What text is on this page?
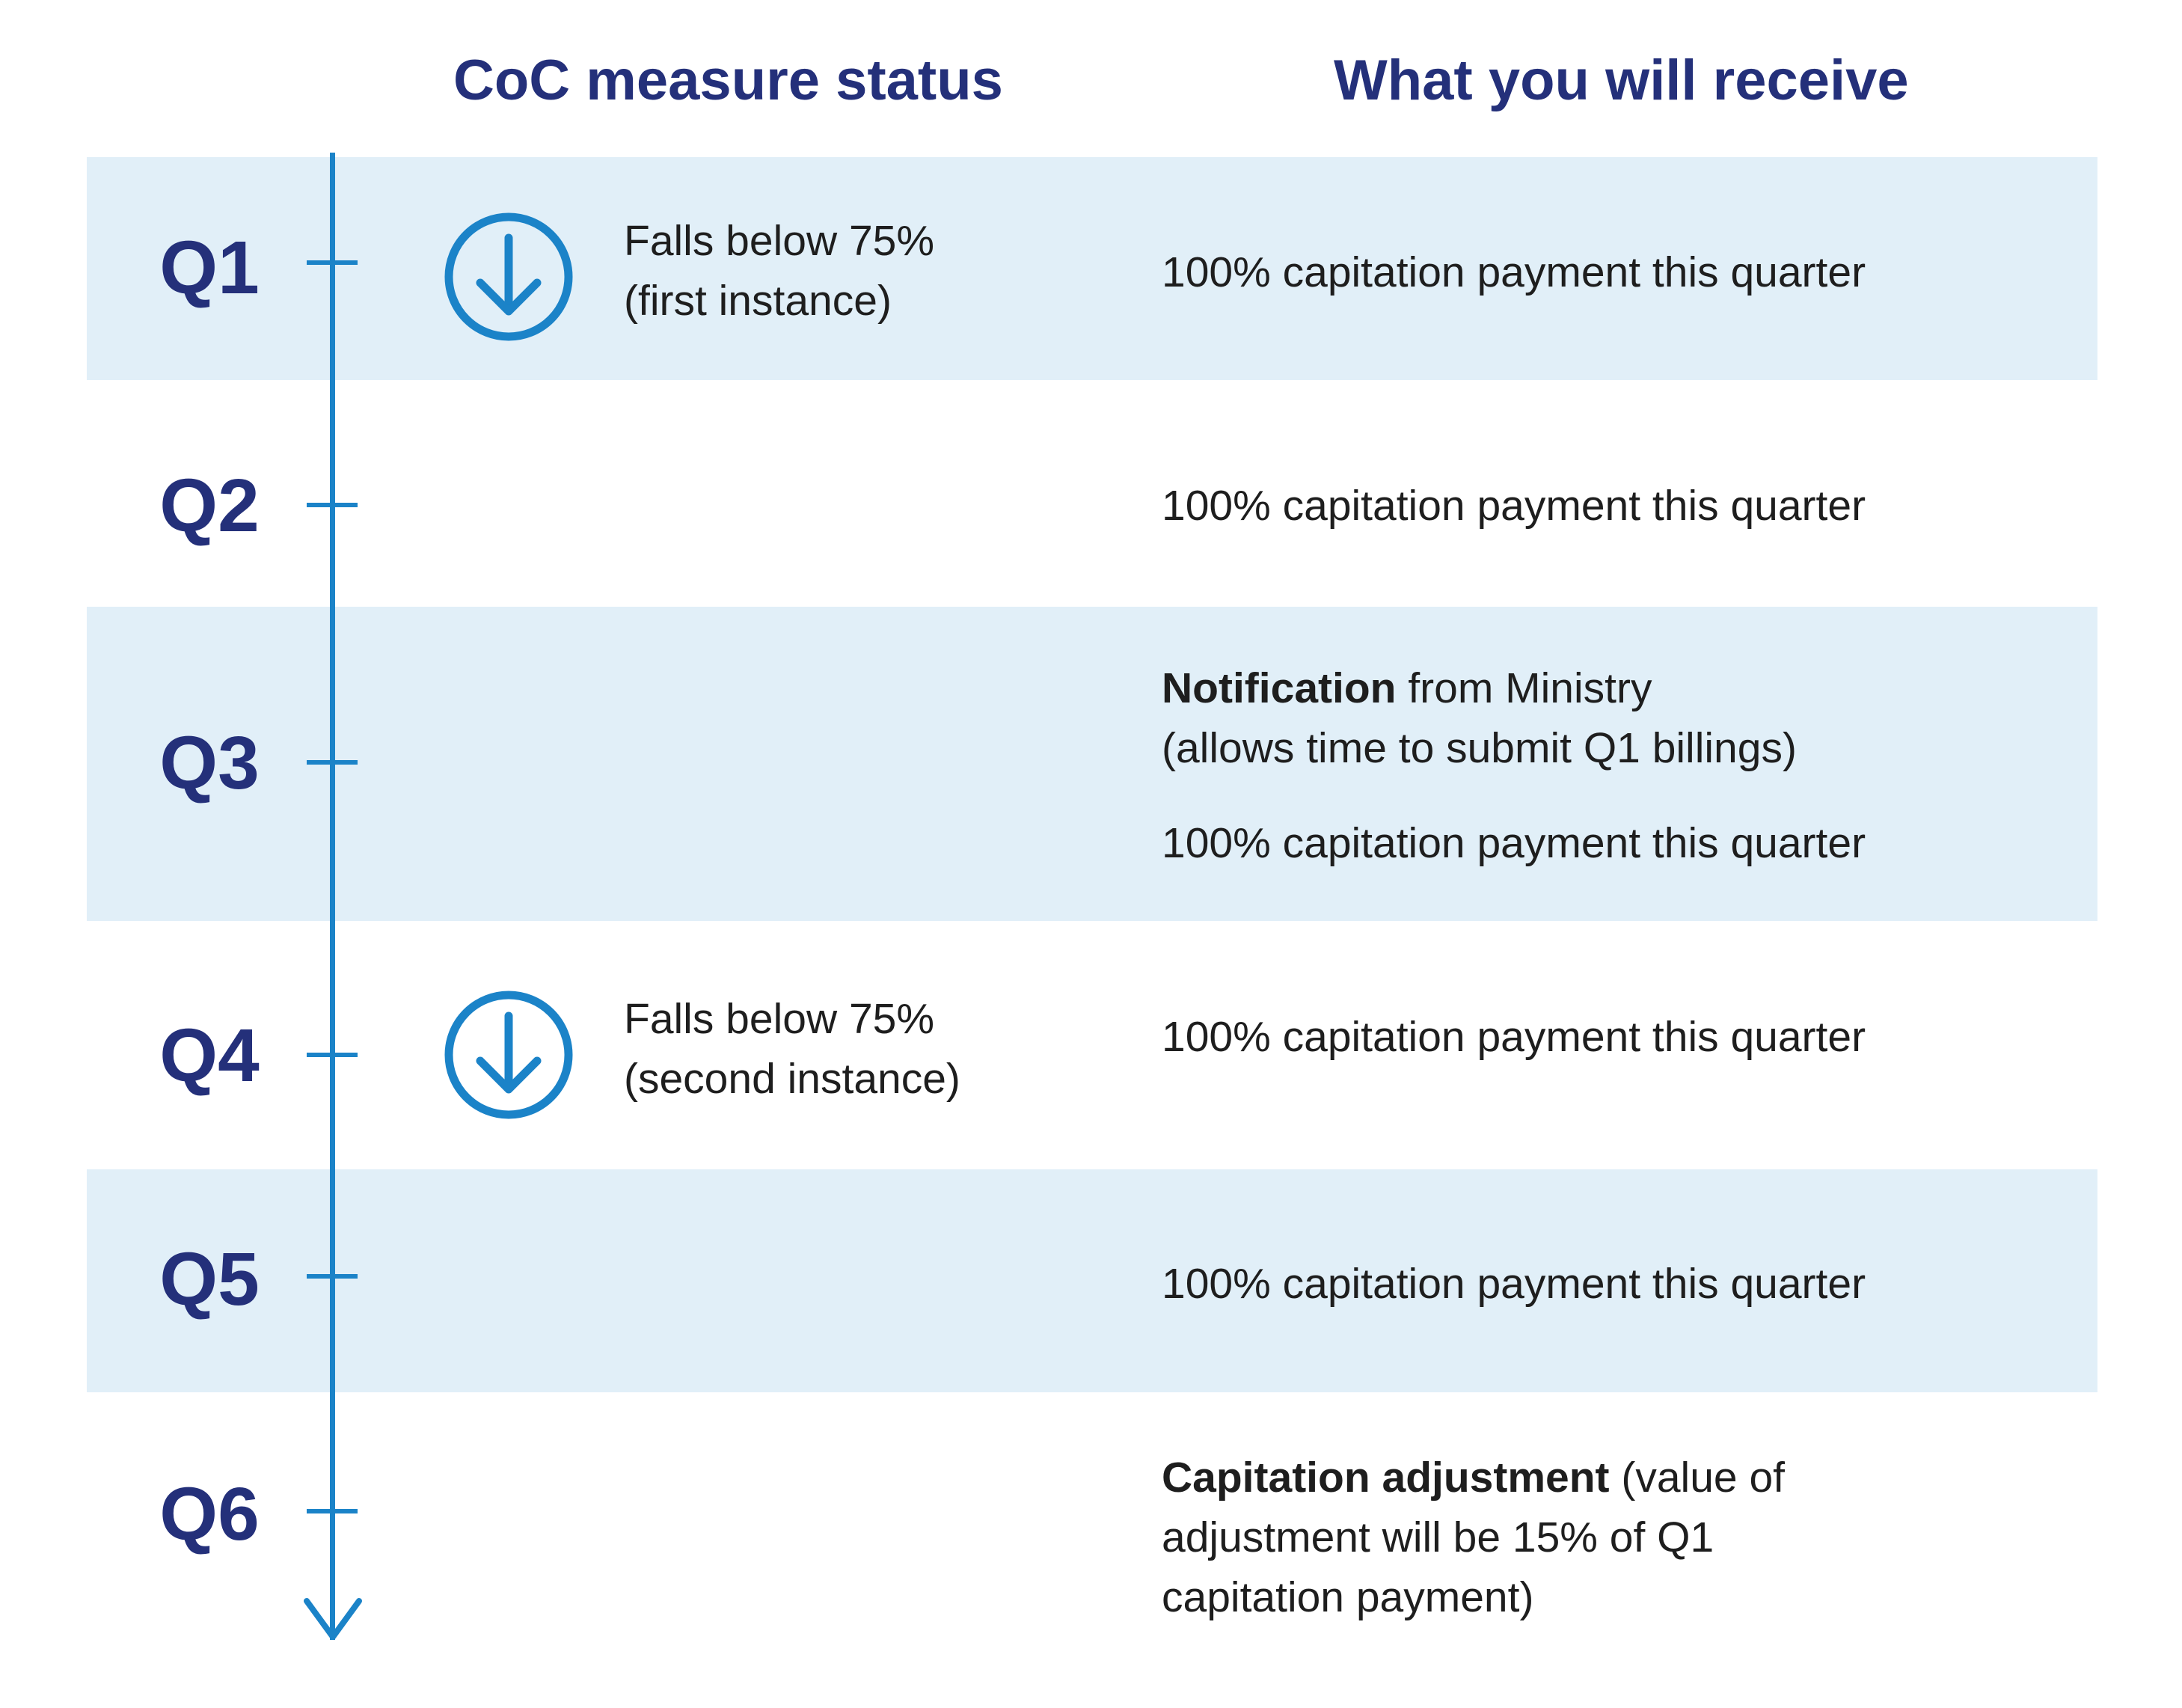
CoC measure status	What you will receive
Q1
Q2
Q3
Q4
Q5
Q6
Falls below 75%
(first instance)
Falls below 75%
(second instance)
100% capitation payment this quarter
100% capitation payment this quarter
Notification from Ministry
(allows time to submit Q1 billings)
100% capitation payment this quarter
100% capitation payment this quarter
100% capitation payment this quarter
Capitation adjustment (value of
adjustment will be 15% of Q1
capitation payment)
